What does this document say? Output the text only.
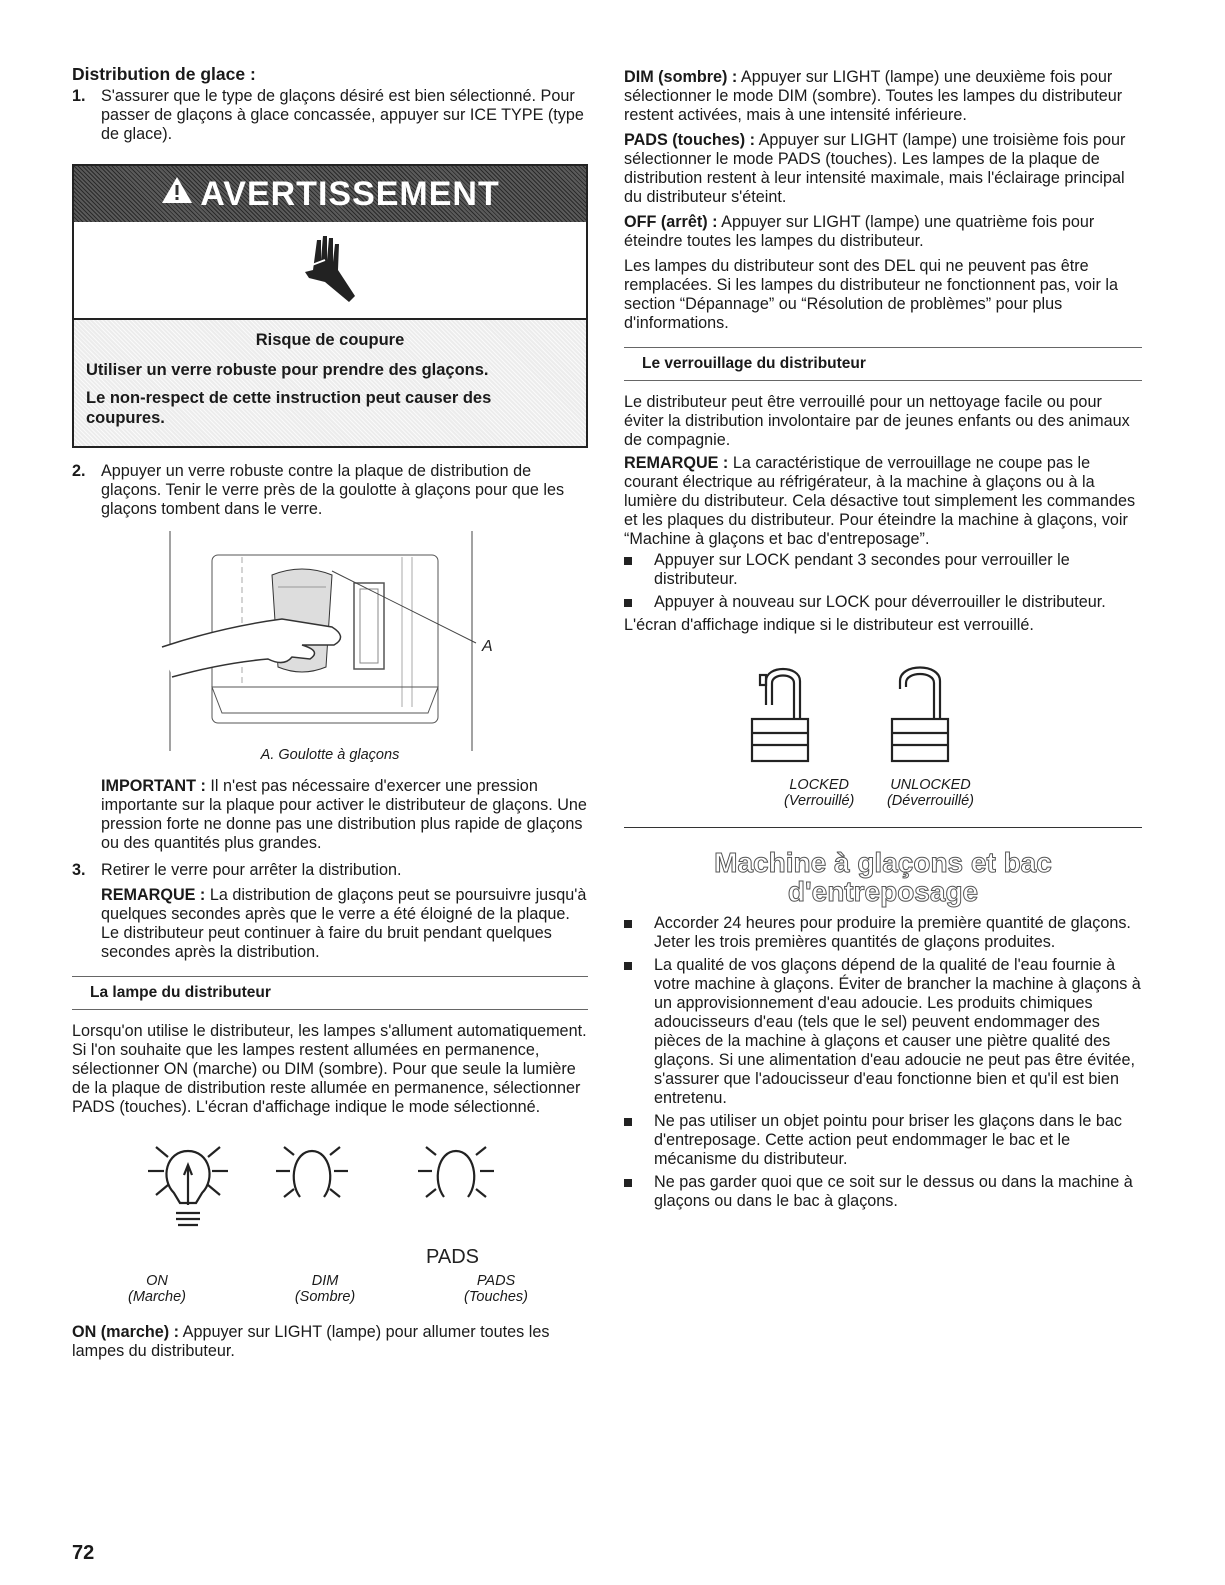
Distribution de glace :

1. S'assurer que le type de glaçons désiré est bien sélectionné. Pour passer de glaçons à glace concassée, appuyer sur ICE TYPE (type de glace).

AVERTISSEMENT

Risque de coupure

Utiliser un verre robuste pour prendre des glaçons.

Le non-respect de cette instruction peut causer des coupures.

2. Appuyer un verre robuste contre la plaque de distribution de glaçons. Tenir le verre près de la goulotte à glaçons pour que les glaçons tombent dans le verre.

A

A. Goulotte à glaçons

IMPORTANT : Il n'est pas nécessaire d'exercer une pression importante sur la plaque pour activer le distributeur de glaçons. Une pression forte ne donne pas une distribution plus rapide de glaçons ou des quantités plus grandes.

3. Retirer le verre pour arrêter la distribution.

REMARQUE : La distribution de glaçons peut se poursuivre jusqu'à quelques secondes après que le verre a été éloigné de la plaque. Le distributeur peut continuer à faire du bruit pendant quelques secondes après la distribution.

La lampe du distributeur

Lorsqu'on utilise le distributeur, les lampes s'allument automatiquement. Si l'on souhaite que les lampes restent allumées en permanence, sélectionner ON (marche) ou DIM (sombre). Pour que seule la lumière de la plaque de distribution reste allumée en permanence, sélectionner PADS (touches). L'écran d'affichage indique le mode sélectionné.

PADS
ON
(Marche)
DIM
(Sombre)
PADS
(Touches)

ON (marche) : Appuyer sur LIGHT (lampe) pour allumer toutes les lampes du distributeur.

DIM (sombre) : Appuyer sur LIGHT (lampe) une deuxième fois pour sélectionner le mode DIM (sombre). Toutes les lampes du distributeur restent activées, mais à une intensité inférieure.

PADS (touches) : Appuyer sur LIGHT (lampe) une troisième fois pour sélectionner le mode PADS (touches). Les lampes de la plaque de distribution restent à leur intensité maximale, mais l'éclairage principal du distributeur s'éteint.

OFF (arrêt) : Appuyer sur LIGHT (lampe) une quatrième fois pour éteindre toutes les lampes du distributeur.

Les lampes du distributeur sont des DEL qui ne peuvent pas être remplacées. Si les lampes du distributeur ne fonctionnent pas, voir la section “Dépannage” ou “Résolution de problèmes” pour plus d'informations.

Le verrouillage du distributeur

Le distributeur peut être verrouillé pour un nettoyage facile ou pour éviter la distribution involontaire par de jeunes enfants ou des animaux de compagnie.

REMARQUE : La caractéristique de verrouillage ne coupe pas le courant électrique au réfrigérateur, à la machine à glaçons ou à la lumière du distributeur. Cela désactive tout simplement les commandes et les plaques du distributeur. Pour éteindre la machine à glaçons, voir “Machine à glaçons et bac d'entreposage”.

Appuyer sur LOCK pendant 3 secondes pour verrouiller le distributeur.
Appuyer à nouveau sur LOCK pour déverrouiller le distributeur.

L'écran d'affichage indique si le distributeur est verrouillé.

LOCKED
(Verrouillé)
UNLOCKED
(Déverrouillé)
Machine à glaçons et bac
d'entreposage
Accorder 24 heures pour produire la première quantité de glaçons. Jeter les trois premières quantités de glaçons produites.
La qualité de vos glaçons dépend de la qualité de l'eau fournie à votre machine à glaçons. Éviter de brancher la machine à glaçons à un approvisionnement d'eau adoucie. Les produits chimiques adoucisseurs d'eau (tels que le sel) peuvent endommager des pièces de la machine à glaçons et causer une piètre qualité des glaçons. Si une alimentation d'eau adoucie ne peut pas être évitée, s'assurer que l'adoucisseur d'eau fonctionne bien et qu'il est bien entretenu.
Ne pas utiliser un objet pointu pour briser les glaçons dans le bac d'entreposage. Cette action peut endommager le bac et le mécanisme du distributeur.
Ne pas garder quoi que ce soit sur le dessus ou dans la machine à glaçons ou dans le bac à glaçons.
72
